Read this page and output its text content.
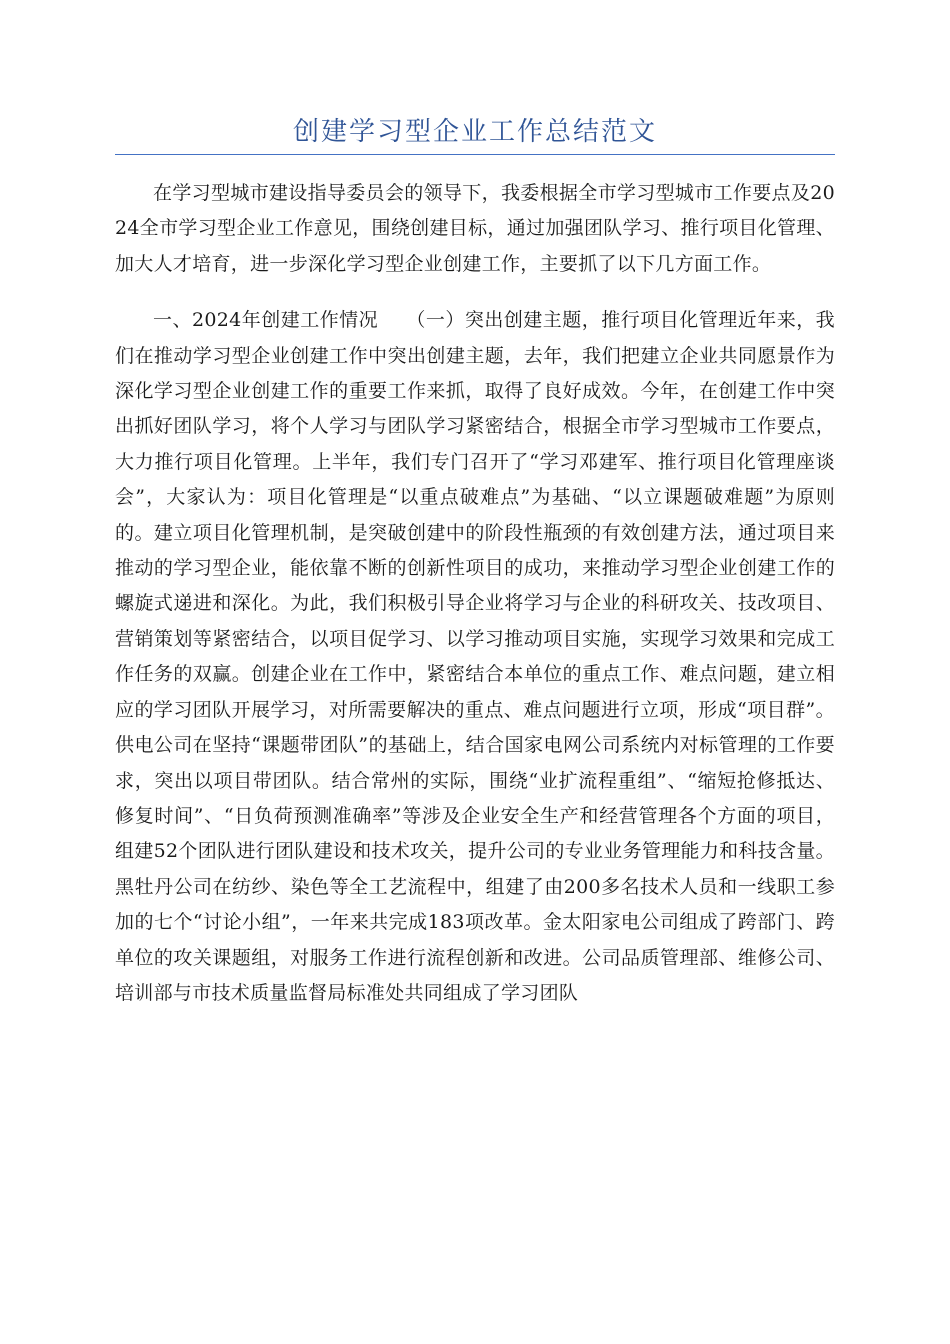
创建学习型企业工作总结范文

在学习型城市建设指导委员会的领导下，我委根据全市学习型城市工作要点及2024全市学习型企业工作意见，围绕创建目标，通过加强团队学习、推行项目化管理、加大人才培育，进一步深化学习型企业创建工作，主要抓了以下几方面工作。

一、2024年创建工作情况 （一）突出创建主题，推行项目化管理近年来，我们在推动学习型企业创建工作中突出创建主题，去年，我们把建立企业共同愿景作为深化学习型企业创建工作的重要工作来抓，取得了良好成效。今年，在创建工作中突出抓好团队学习，将个人学习与团队学习紧密结合，根据全市学习型城市工作要点，大力推行项目化管理。上半年，我们专门召开了“学习邓建军、推行项目化管理座谈会”，大家认为：项目化管理是“以重点破难点”为基础、“以立课题破难题”为原则的。建立项目化管理机制，是突破创建中的阶段性瓶颈的有效创建方法，通过项目来推动的学习型企业，能依靠不断的创新性项目的成功，来推动学习型企业创建工作的螺旋式递进和深化。为此，我们积极引导企业将学习与企业的科研攻关、技改项目、营销策划等紧密结合，以项目促学习、以学习推动项目实施，实现学习效果和完成工作任务的双赢。创建企业在工作中，紧密结合本单位的重点工作、难点问题，建立相应的学习团队开展学习，对所需要解决的重点、难点问题进行立项，形成“项目群”。供电公司在坚持“课题带团队”的基础上，结合国家电网公司系统内对标管理的工作要求，突出以项目带团队。结合常州的实际，围绕“业扩流程重组”、“缩短抢修抵达、修复时间”、“日负荷预测准确率”等涉及企业安全生产和经营管理各个方面的项目，组建52个团队进行团队建设和技术攻关，提升公司的专业业务管理能力和科技含量。黑牡丹公司在纺纱、染色等全工艺流程中，组建了由200多名技术人员和一线职工参加的七个“讨论小组”，一年来共完成183项改革。金太阳家电公司组成了跨部门、跨单位的攻关课题组，对服务工作进行流程创新和改进。公司品质管理部、维修公司、培训部与市技术质量监督局标准处共同组成了学习团队
